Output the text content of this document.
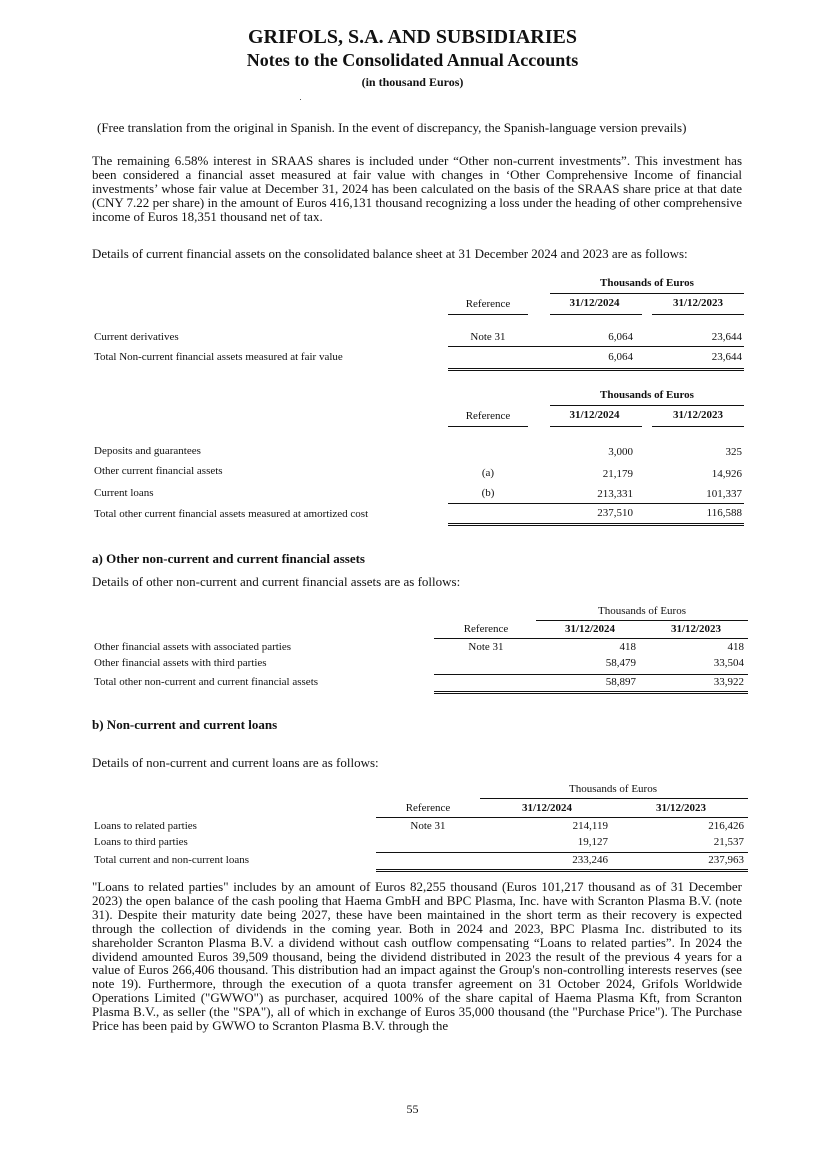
GRIFOLS, S.A. AND SUBSIDIARIES
Notes to the Consolidated Annual Accounts
(in thousand Euros)
(Free translation from the original in Spanish. In the event of discrepancy, the Spanish-language version prevails)
The remaining 6.58% interest in SRAAS shares is included under “Other non-current investments”. This investment has been considered a financial asset measured at fair value with changes in ‘Other Comprehensive Income of financial investments’ whose fair value at December 31, 2024 has been calculated on the basis of the SRAAS share price at that date (CNY 7.22 per share) in the amount of Euros 416,131 thousand recognizing a loss under the heading of other comprehensive income of Euros 18,351 thousand net of tax.
Details of current financial assets on the consolidated balance sheet at 31 December 2024 and 2023 are as follows:
Thousands of Euros
Reference	31/12/2024	31/12/2023
Current derivatives	Note 31	6,064	23,644
Total Non-current financial assets measured at fair value	6,064	23,644
Thousands of Euros
Reference	31/12/2024	31/12/2023
Deposits and guarantees	3,000	325
Other current financial assets	(a)	21,179	14,926
Current loans	(b)	213,331	101,337
Total other current financial assets measured at amortized cost	237,510	116,588
a) Other non-current and current financial assets
Details of other non-current and current financial assets are as follows:
Thousands of Euros
Reference	31/12/2024	31/12/2023
Other financial assets with associated parties	Note 31	418	418
Other financial assets with third parties	58,479	33,504
Total other non-current and current financial assets	58,897	33,922
b) Non-current and current loans
Details of non-current and current loans are as follows:
Thousands of Euros
Reference	31/12/2024	31/12/2023
Loans to related parties	Note 31	214,119	216,426
Loans to third parties	19,127	21,537
Total current and non-current loans	233,246	237,963
"Loans to related parties" includes by an amount of Euros 82,255 thousand (Euros 101,217 thousand as of 31 December 2023) the open balance of the cash pooling that Haema GmbH and BPC Plasma, Inc. have with Scranton Plasma B.V. (note 31). Despite their maturity date being 2027, these have been maintained in the short term as their recovery is expected through the collection of dividends in the coming year. Both in 2024 and 2023, BPC Plasma Inc. distributed to its shareholder Scranton Plasma B.V. a dividend without cash outflow compensating “Loans to related parties”. In 2024 the dividend amounted Euros 39,509 thousand, being the dividend distributed in 2023 the result of the previous 4 years for a value of Euros 266,406 thousand. This distribution had an impact against the Group's non-controlling interests reserves (see note 19). Furthermore, through the execution of a quota transfer agreement on 31 October 2024, Grifols Worldwide Operations Limited ("GWWO") as purchaser, acquired 100% of the share capital of Haema Plasma Kft, from Scranton Plasma B.V., as seller (the "SPA"), all of which in exchange of Euros 35,000 thousand (the "Purchase Price"). The Purchase Price has been paid by GWWO to Scranton Plasma B.V. through the
55
